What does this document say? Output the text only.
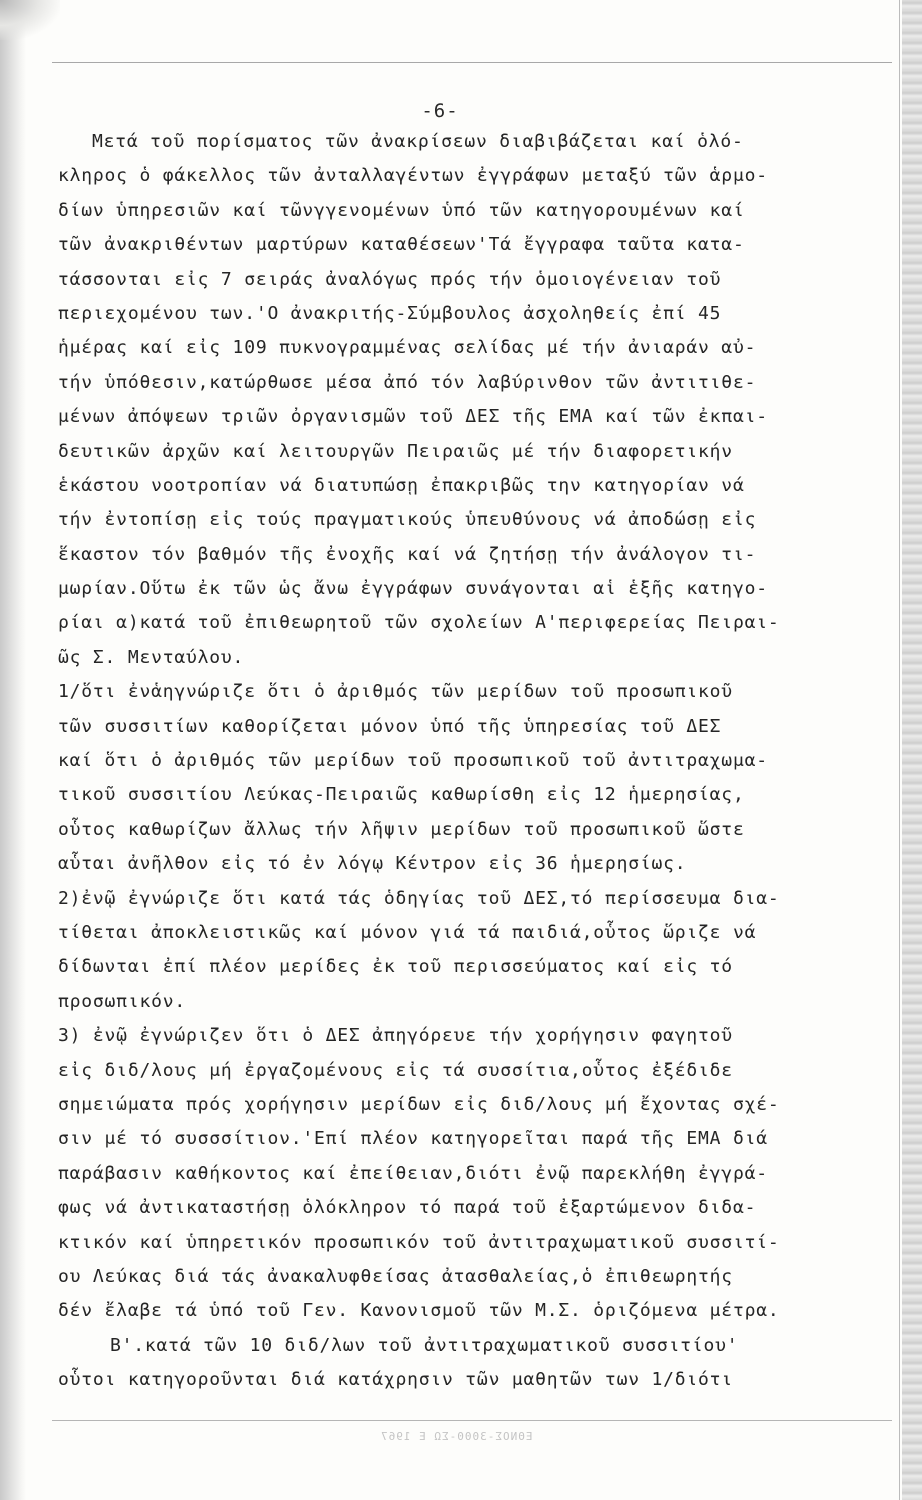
-6-
Μετά τοῦ πορίσματος τῶν ἀνακρίσεων διαβιβάζεται καί ὁλό-
κληρος ὁ φάκελλος τῶν ἀνταλλαγέντων ἐγγράφων μεταξύ τῶν ἁρμο-
δίων ὑπηρεσιῶν καί τῶνγγενομένων ὑπό τῶν κατηγορουμένων καί
τῶν ἀνακριθέντων μαρτύρων καταθέσεων'Τά ἔγγραφα ταῦτα κατα-
τάσσονται εἰς 7 σειράς ἀναλόγως πρός τήν ὁμοιογένειαν τοῦ
περιεχομένου των.'Ο ἀνακριτής-Σύμβουλος ἀσχοληθείς ἐπί 45
ἡμέρας καί εἰς 109 πυκνογραμμένας σελίδας μέ τήν ἀνιαράν αὐ-
τήν ὑπόθεσιν,κατώρθωσε μέσα ἀπό τόν λαβύρινθον τῶν ἀντιτιθε-
μένων ἀπόψεων τριῶν ὀργανισμῶν τοῦ ΔΕΣ τῆς ΕΜΑ καί τῶν ἐκπαι-
δευτικῶν ἀρχῶν καί λειτουργῶν Πειραιῶς μέ τήν διαφορετικήν
ἑκάστου νοοτροπίαν νά διατυπώσῃ ἐπακριβῶς την κατηγορίαν νά
τήν ἐντοπίσῃ εἰς τούς πραγματικούς ὑπευθύνους νά ἀποδώσῃ εἰς
ἕκαστον τόν βαθμόν τῆς ἐνοχῆς καί νά ζητήσῃ τήν ἀνάλογον τι-
μωρίαν.Οὕτω ἐκ τῶν ὡς ἄνω ἐγγράφων συνάγονται αἱ ἑξῆς κατηγο-
ρίαι α)κατά τοῦ ἐπιθεωρητοῦ τῶν σχολείων Α'περιφερείας Πειραι-
ῶς Σ. Μενταύλου.
1/ὅτι ἐνἁηγνώριζε ὅτι ὁ ἀριθμός τῶν μερίδων τοῦ προσωπικοῦ
τῶν συσσιτίων καθορίζεται μόνον ὑπό τῆς ὑπηρεσίας τοῦ ΔΕΣ
καί ὅτι ὁ ἀριθμός τῶν μερίδων τοῦ προσωπικοῦ τοῦ ἀντιτραχωμα-
τικοῦ συσσιτίου Λεύκας-Πειραιῶς καθωρίσθη εἰς 12 ἡμερησίας,
οὗτος καθωρίζων ἄλλως τήν λῆψιν μερίδων τοῦ προσωπικοῦ ὥστε
αὗται ἀνῆλθον εἰς τό ἐν λόγῳ Κέντρον εἰς 36 ἡμερησίως.
2)ἐνῷ ἐγνώριζε ὅτι κατά τάς ὁδηγίας τοῦ ΔΕΣ,τό περίσσευμα δια-
τίθεται ἀποκλειστικῶς καί μόνον γιά τά παιδιά,οὗτος ὥριζε νά
δίδωνται ἐπί πλέον μερίδες ἐκ τοῦ περισσεύματος καί εἰς τό
προσωπικόν.
3) ἐνῷ ἐγνώριζεν ὅτι ὁ ΔΕΣ ἀπηγόρευε τήν χορήγησιν φαγητοῦ
εἰς διδ/λους μή ἐργαζομένους εἰς τά συσσίτια,οὗτος ἐξέδιδε
σημειώματα πρός χορήγησιν μερίδων εἰς διδ/λους μή ἔχοντας σχέ-
σιν μέ τό συσσσίτιον.'Επί πλέον κατηγορεῖται παρά τῆς ΕΜΑ διά
παράβασιν καθήκοντος καί ἐπείθειαν,διότι ἐνῷ παρεκλήθη ἐγγρά-
φως νά ἀντικαταστήσῃ ὁλόκληρον τό παρά τοῦ ἐξαρτώμενον διδα-
κτικόν καί ὑπηρετικόν προσωπικόν τοῦ ἀντιτραχωματικοῦ συσσιτί-
ου Λεύκας διά τάς ἀνακαλυφθείσας ἀτασθαλείας,ὁ ἐπιθεωρητής
δέν ἔλαβε τά ὑπό τοῦ Γεν. Κανονισμοῦ τῶν Μ.Σ. ὁριζόμενα μέτρα.
Β'.κατά τῶν 10 διδ/λων τοῦ ἀντιτραχωματικοῦ συσσιτίου'
οὗτοι κατηγοροῦνται διά κατάχρησιν τῶν μαθητῶν των 1/διότι
ΕΘΝΟΣ-3000-ΣΩ Ε 1967
